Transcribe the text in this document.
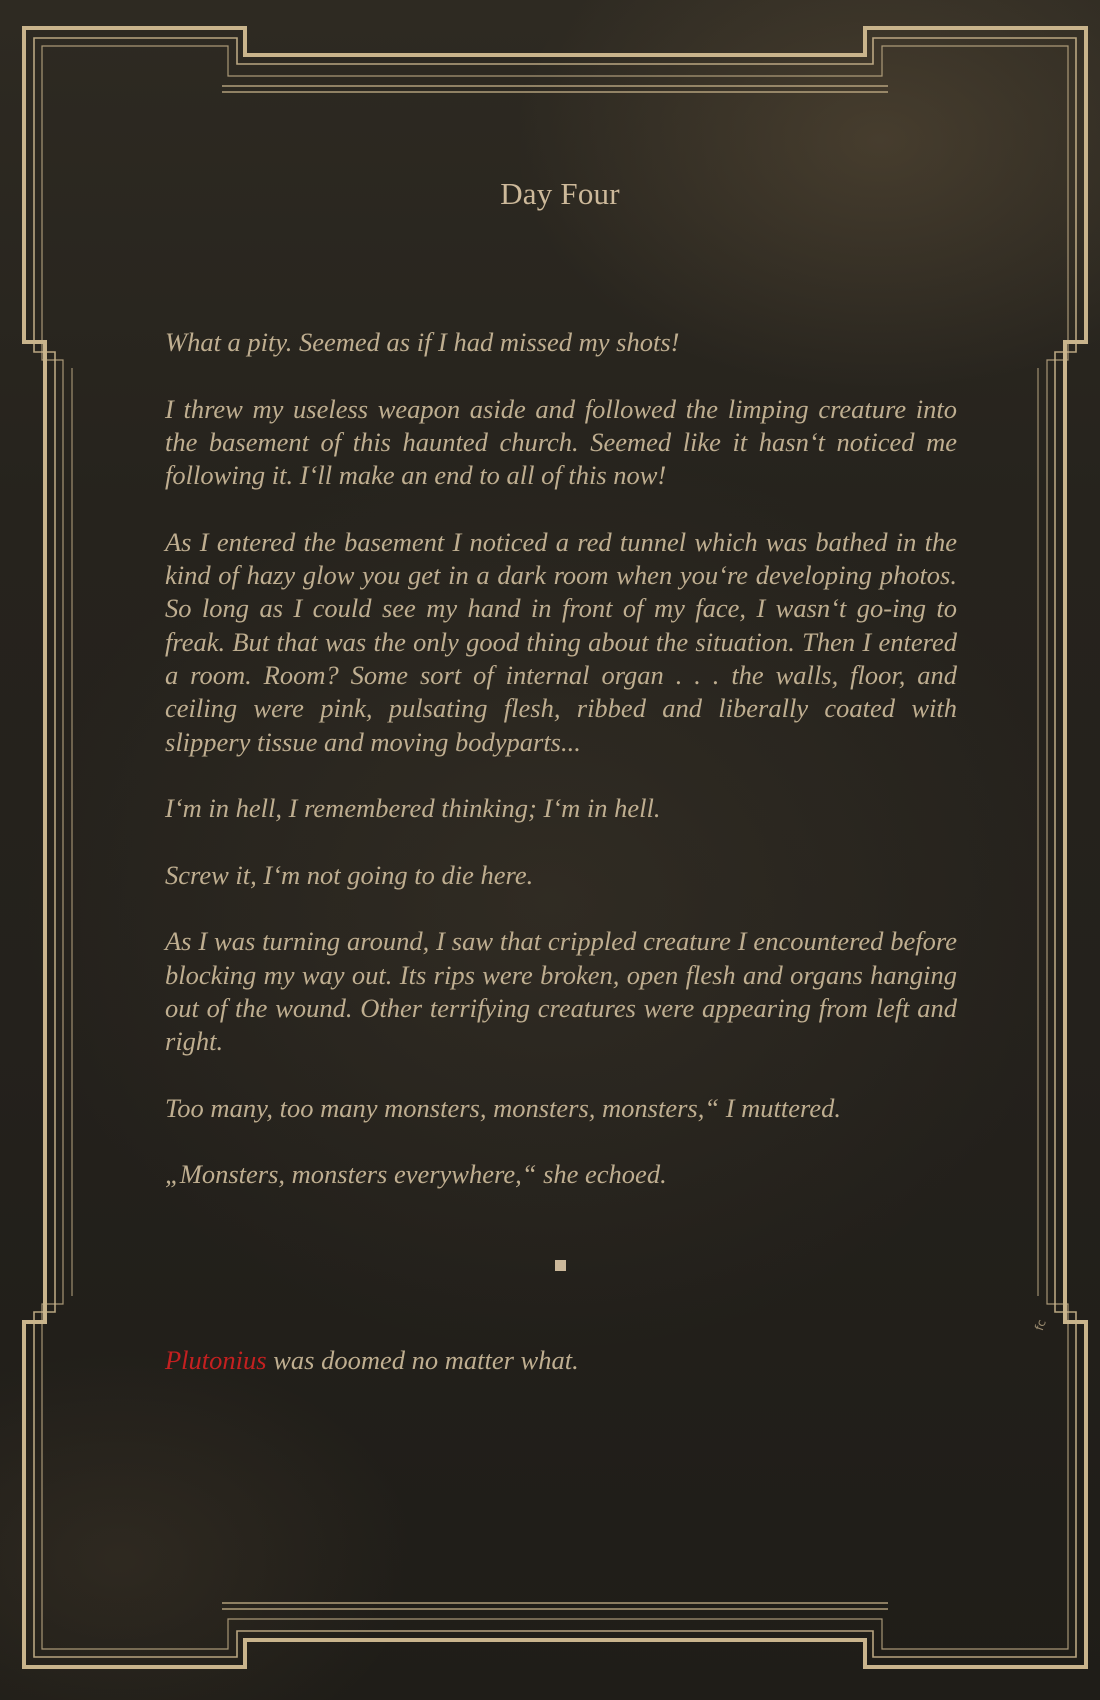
Day Four

What a pity. Seemed as if I had missed my shots!

I threw my useless weapon aside and followed the limping creature into the basement of this haunted church. Seemed like it hasn‘t noticed me following it. I‘ll make an end to all of this now!

As I entered the basement I noticed a red tunnel which was bathed in the kind of hazy glow you get in a dark room when you‘re developing photos. So long as I could see my hand in front of my face, I wasn‘t go-ing to freak. But that was the only good thing about the situation. Then I entered a room. Room? Some sort of internal organ . . . the walls, floor, and ceiling were pink, pulsating flesh, ribbed and liberally coated with slippery tissue and moving bodyparts...

I‘m in hell, I remembered thinking; I‘m in hell.

Screw it, I‘m not going to die here.

As I was turning around, I saw that crippled creature I encountered before blocking my way out. Its rips were broken, open flesh and organs hanging out of the wound. Other terrifying creatures were appearing from left and right.

Too many, too many monsters, monsters, monsters,“ I muttered.

„Monsters, monsters everywhere,“ she echoed.

Plutonius was doomed no matter what.
fc
